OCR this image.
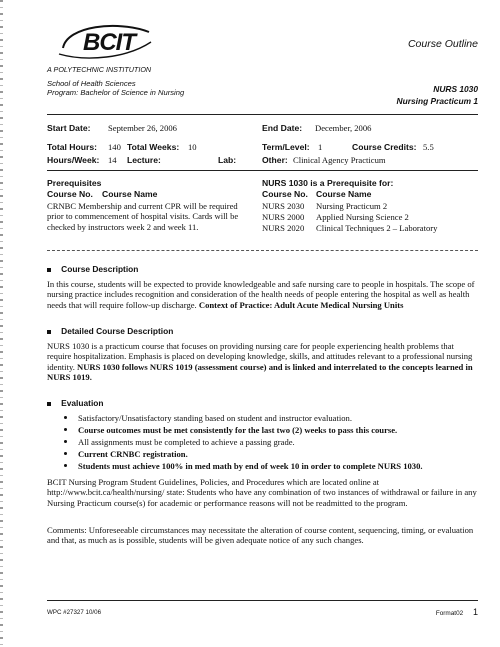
BCIT
A POLYTECHNIC INSTITUTION
School of Health Sciences
Program: Bachelor of Science in Nursing
Course Outline
NURS 1030
Nursing Practicum 1
Start Date: September 26, 2006	End Date: December, 2006
Total Hours: 140 Total Weeks: 10	Term/Level: 1	Course Credits: 5.5
Hours/Week: 14 Lecture:	Lab:	Other: Clinical Agency Practicum
Prerequisites
Course No. Course Name
CRNBC Membership and current CPR will be required prior to commencement of hospital visits. Cards will be checked by instructors week 2 and week 11.
NURS 1030 is a Prerequisite for:
Course No. Course Name
NURS 2030 Nursing Practicum 2
NURS 2000 Applied Nursing Science 2
NURS 2020 Clinical Techniques 2 – Laboratory
Course Description
In this course, students will be expected to provide knowledgeable and safe nursing care to people in hospitals. The scope of nursing practice includes recognition and consideration of the health needs of people entering the hospital as well as health needs that will require follow-up discharge. Context of Practice: Adult Acute Medical Nursing Units
Detailed Course Description
NURS 1030 is a practicum course that focuses on providing nursing care for people experiencing health problems that require hospitalization. Emphasis is placed on developing knowledge, skills, and attitudes relevant to a professional nursing identity. NURS 1030 follows NURS 1019 (assessment course) and is linked and interrelated to the concepts learned in NURS 1019.
Evaluation
Satisfactory/Unsatisfactory standing based on student and instructor evaluation.
Course outcomes must be met consistently for the last two (2) weeks to pass this course.
All assignments must be completed to achieve a passing grade.
Current CRNBC registration.
Students must achieve 100% in med math by end of week 10 in order to complete NURS 1030.
BCIT Nursing Program Student Guidelines, Policies, and Procedures which are located online at http://www.bcit.ca/health/nursing/ state: Students who have any combination of two instances of withdrawal or failure in any Nursing Practicum course(s) for academic or performance reasons will not be readmitted to the program.
Comments: Unforeseeable circumstances may necessitate the alteration of course content, sequencing, timing, or evaluation and that, as much as is possible, students will be given adequate notice of any such changes.
WPC #27327 10/06	Format02 1
